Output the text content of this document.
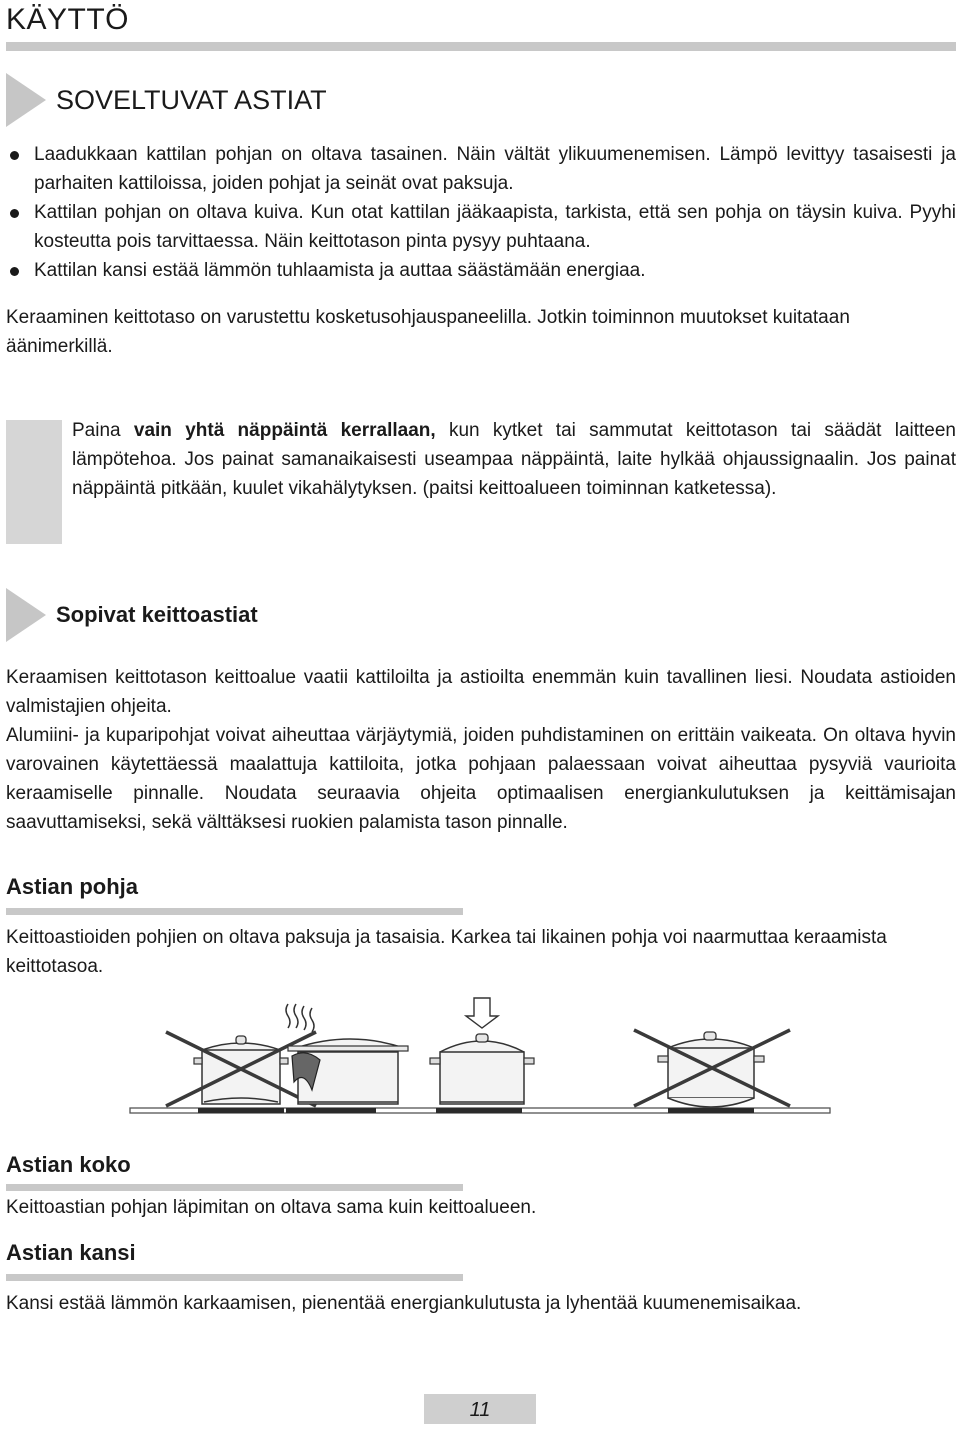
KÄYTTÖ
SOVELTUVAT ASTIAT
Laadukkaan kattilan pohjan on oltava tasainen. Näin vältät ylikuumenemisen. Lämpö levittyy tasaisesti ja parhaiten kattiloissa, joiden pohjat ja seinät ovat paksuja.
Kattilan pohjan on oltava kuiva. Kun otat kattilan jääkaapista, tarkista, että sen pohja on täysin kuiva. Pyyhi kosteutta pois tarvittaessa. Näin keittotason pinta pysyy puhtaana.
Kattilan kansi estää lämmön tuhlaamista ja auttaa säästämään energiaa.

Keraaminen keittotaso on varustettu kosketusohjauspaneelilla. Jotkin toiminnon muutokset kuitataan äänimerkillä.

Paina vain yhtä näppäintä kerrallaan, kun kytket tai sammutat keittotason tai säädät laitteen lämpötehoa. Jos painat samanaikaisesti useampaa näppäintä, laite hylkää ohjaussignaalin. Jos painat näppäintä pitkään, kuulet vikahälytyksen. (paitsi keittoalueen toiminnan katketessa).

Sopivat keittoastiat

Keraamisen keittotason keittoalue vaatii kattiloilta ja astioilta enemmän kuin tavallinen liesi. Noudata astioiden valmistajien ohjeita.

Alumiini- ja kuparipohjat voivat aiheuttaa värjäytymiä, joiden puhdistaminen on erittäin vaikeata. On oltava hyvin varovainen käytettäessä maalattuja kattiloita, jotka pohjaan palaessaan voivat aiheuttaa pysyviä vaurioita keraamiselle pinnalle. Noudata seuraavia ohjeita optimaalisen energiankulutuksen ja keittämisajan saavuttamiseksi, sekä välttäksesi ruokien palamista tason pinnalle.

Astian pohja

Keittoastioiden pohjien on oltava paksuja ja tasaisia. Karkea tai likainen pohja voi naarmuttaa keraamista keittotasoa.

Astian koko

Keittoastian pohjan läpimitan on oltava sama kuin keittoalueen.

Astian kansi

Kansi estää lämmön karkaamisen, pienentää energiankulutusta ja lyhentää kuumenemisaikaa.

11
